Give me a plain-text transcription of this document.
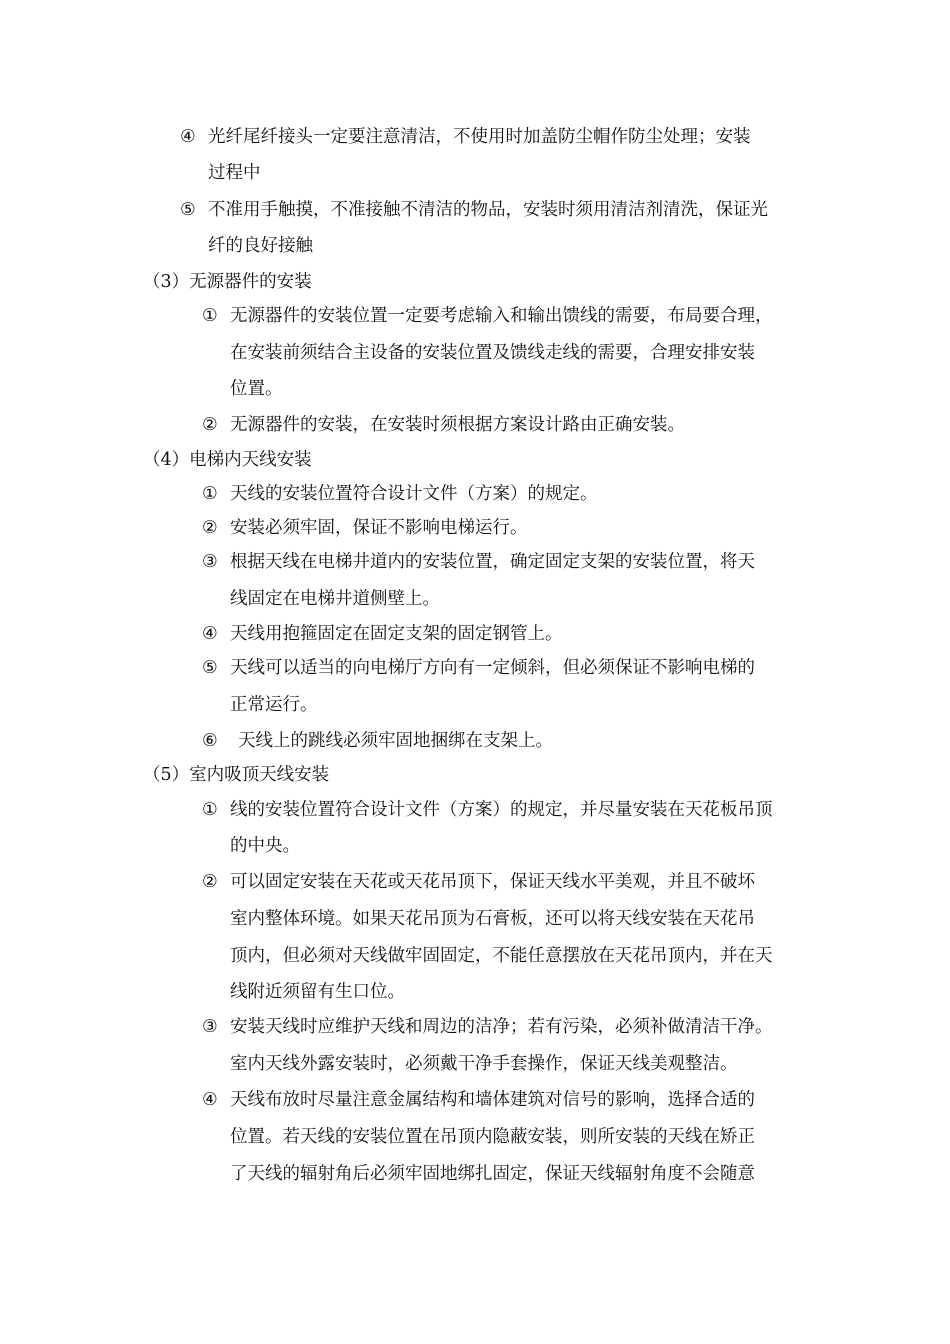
④ 光纤尾纤接头一定要注意清洁，不使用时加盖防尘帽作防尘处理；安装
过程中
⑤ 不准用手触摸，不准接触不清洁的物品，安装时须用清洁剂清洗，保证光
纤的良好接触
（3）无源器件的安装
① 无源器件的安装位置一定要考虑输入和输出馈线的需要，布局要合理，
在安装前须结合主设备的安装位置及馈线走线的需要，合理安排安装
位置。
② 无源器件的安装，在安装时须根据方案设计路由正确安装。
（4）电梯内天线安装
① 天线的安装位置符合设计文件（方案）的规定。
② 安装必须牢固，保证不影响电梯运行。
③ 根据天线在电梯井道内的安装位置，确定固定支架的安装位置，将天
线固定在电梯井道侧壁上。
④ 天线用抱箍固定在固定支架的固定钢管上。
⑤ 天线可以适当的向电梯厅方向有一定倾斜，但必须保证不影响电梯的
正常运行。
⑥ 天线上的跳线必须牢固地捆绑在支架上。
（5）室内吸顶天线安装
① 线的安装位置符合设计文件（方案）的规定，并尽量安装在天花板吊顶
的中央。
② 可以固定安装在天花或天花吊顶下，保证天线水平美观，并且不破坏
室内整体环境。如果天花吊顶为石膏板，还可以将天线安装在天花吊
顶内，但必须对天线做牢固固定，不能任意摆放在天花吊顶内，并在天
线附近须留有生口位。
③ 安装天线时应维护天线和周边的洁净；若有污染，必须补做清洁干净。
室内天线外露安装时，必须戴干净手套操作，保证天线美观整洁。
④ 天线布放时尽量注意金属结构和墙体建筑对信号的影响，选择合适的
位置。若天线的安装位置在吊顶内隐蔽安装，则所安装的天线在矫正
了天线的辐射角后必须牢固地绑扎固定，保证天线辐射角度不会随意
